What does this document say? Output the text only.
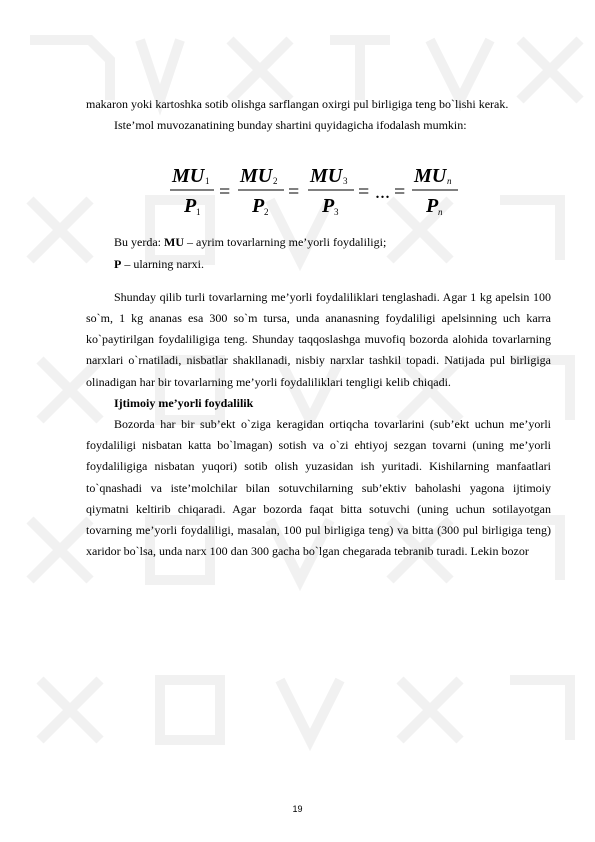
makaron yoki kartoshka sotib olishga sarflangan oxirgi pul birligiga teng bo`lishi kerak.

Iste’mol muvozanatining bunday shartini quyidagicha ifodalash mumkin:

MU 1
P 1
=
MU 2
P 2
=
MU 3
P 3
= ... =
MU n
P n

Bu yerda: MU – ayrim tovarlarning me’yorli foydaliligi;

P – ularning narxi.

Shunday qilib turli tovarlarning me’yorli foydaliliklari tenglashadi. Agar 1 kg apelsin 100 so`m, 1 kg ananas esa 300 so`m tursa, unda ananasning foydaliligi apelsinning uch karra ko`paytirilgan foydaliligiga teng. Shunday taqqoslashga muvofiq bozorda alohida tovarlarning narxlari o`rnatiladi, nisbatlar shakllanadi, nisbiy narxlar tashkil topadi. Natijada pul birligiga olinadigan har bir tovarlarning me’yorli foydaliliklari tengligi kelib chiqadi.

Ijtimoiy me’yorli foydalilik

Bozorda har bir sub’ekt o`ziga keragidan ortiqcha tovarlarini (sub’ekt uchun me’yorli foydaliligi nisbatan katta bo`lmagan) sotish va o`zi ehtiyoj sezgan tovarni (uning me’yorli foydaliligiga nisbatan yuqori) sotib olish yuzasidan ish yuritadi. Kishilarning manfaatlari to`qnashadi va iste’molchilar bilan sotuvchilarning sub’ektiv baholashi yagona ijtimoiy qiymatni keltirib chiqaradi. Agar bozorda faqat bitta sotuvchi (uning uchun sotilayotgan tovarning me’yorli foydaliligi, masalan, 100 pul birligiga teng) va bitta (300 pul birligiga teng) xaridor bo`lsa, unda narx 100 dan 300 gacha bo`lgan chegarada tebranib turadi. Lekin bozor

19
